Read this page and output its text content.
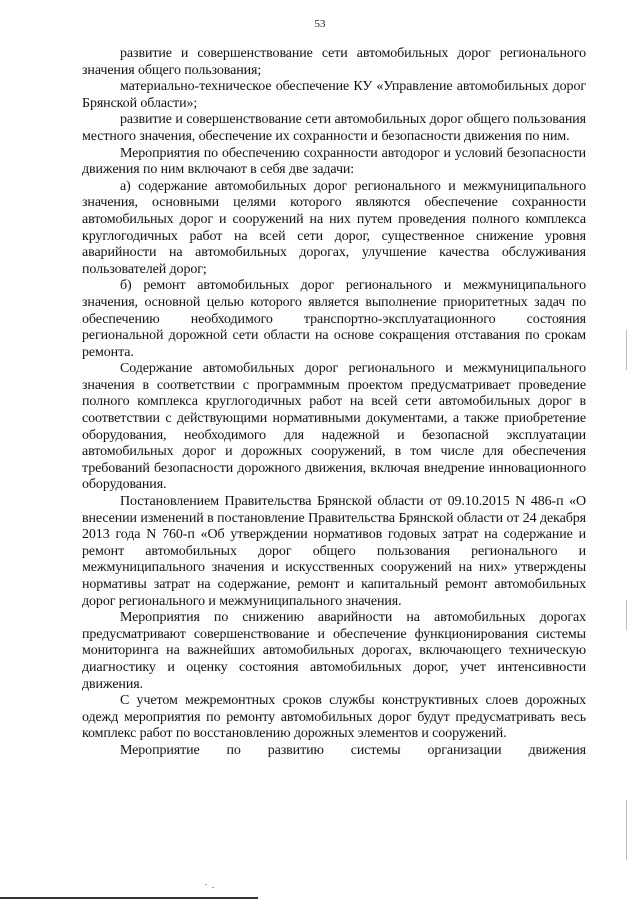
53

развитие и совершенствование сети автомобильных дорог регионального значения общего пользования;

материально-техническое обеспечение КУ «Управление автомобильных дорог Брянской области»;

развитие и совершенствование сети автомобильных дорог общего пользования местного значения, обеспечение их сохранности и безопасности движения по ним.

Мероприятия по обеспечению сохранности автодорог и условий безопасности движения по ним включают в себя две задачи:

а) содержание автомобильных дорог регионального и межмуниципального значения, основными целями которого являются обеспечение сохранности автомобильных дорог и сооружений на них путем проведения полного комплекса круглогодичных работ на всей сети дорог, существенное снижение уровня аварийности на автомобильных дорогах, улучшение качества обслуживания пользователей дорог;

б) ремонт автомобильных дорог регионального и межмуниципального значения, основной целью которого является выполнение приоритетных задач по обеспечению необходимого транспортно-эксплуатационного состояния региональной дорожной сети области на основе сокращения отставания по срокам ремонта.

Содержание автомобильных дорог регионального и межмуниципального значения в соответствии с программным проектом предусматривает проведение полного комплекса круглогодичных работ на всей сети автомобильных дорог в соответствии с действующими нормативными документами, а также приобретение оборудования, необходимого для надежной и безопасной эксплуатации автомобильных дорог и дорожных сооружений, в том числе для обеспечения требований безопасности дорожного движения, включая внедрение инновационного оборудования.

Постановлением Правительства Брянской области от 09.10.2015 N 486-п «О внесении изменений в постановление Правительства Брянской области от 24 декабря 2013 года N 760-п «Об утверждении нормативов годовых затрат на содержание и ремонт автомобильных дорог общего пользования регионального и межмуниципального значения и искусственных сооружений на них» утверждены нормативы затрат на содержание, ремонт и капитальный ремонт автомобильных дорог регионального и межмуниципального значения.

Мероприятия по снижению аварийности на автомобильных дорогах предусматривают совершенствование и обеспечение функционирования системы мониторинга на важнейших автомобильных дорогах, включающего техническую диагностику и оценку состояния автомобильных дорог, учет интенсивности движения.

С учетом межремонтных сроков службы конструктивных слоев дорожных одежд мероприятия по ремонту автомобильных дорог будут предусматривать весь комплекс работ по восстановлению дорожных элементов и сооружений.

Мероприятие по развитию системы организации движения
